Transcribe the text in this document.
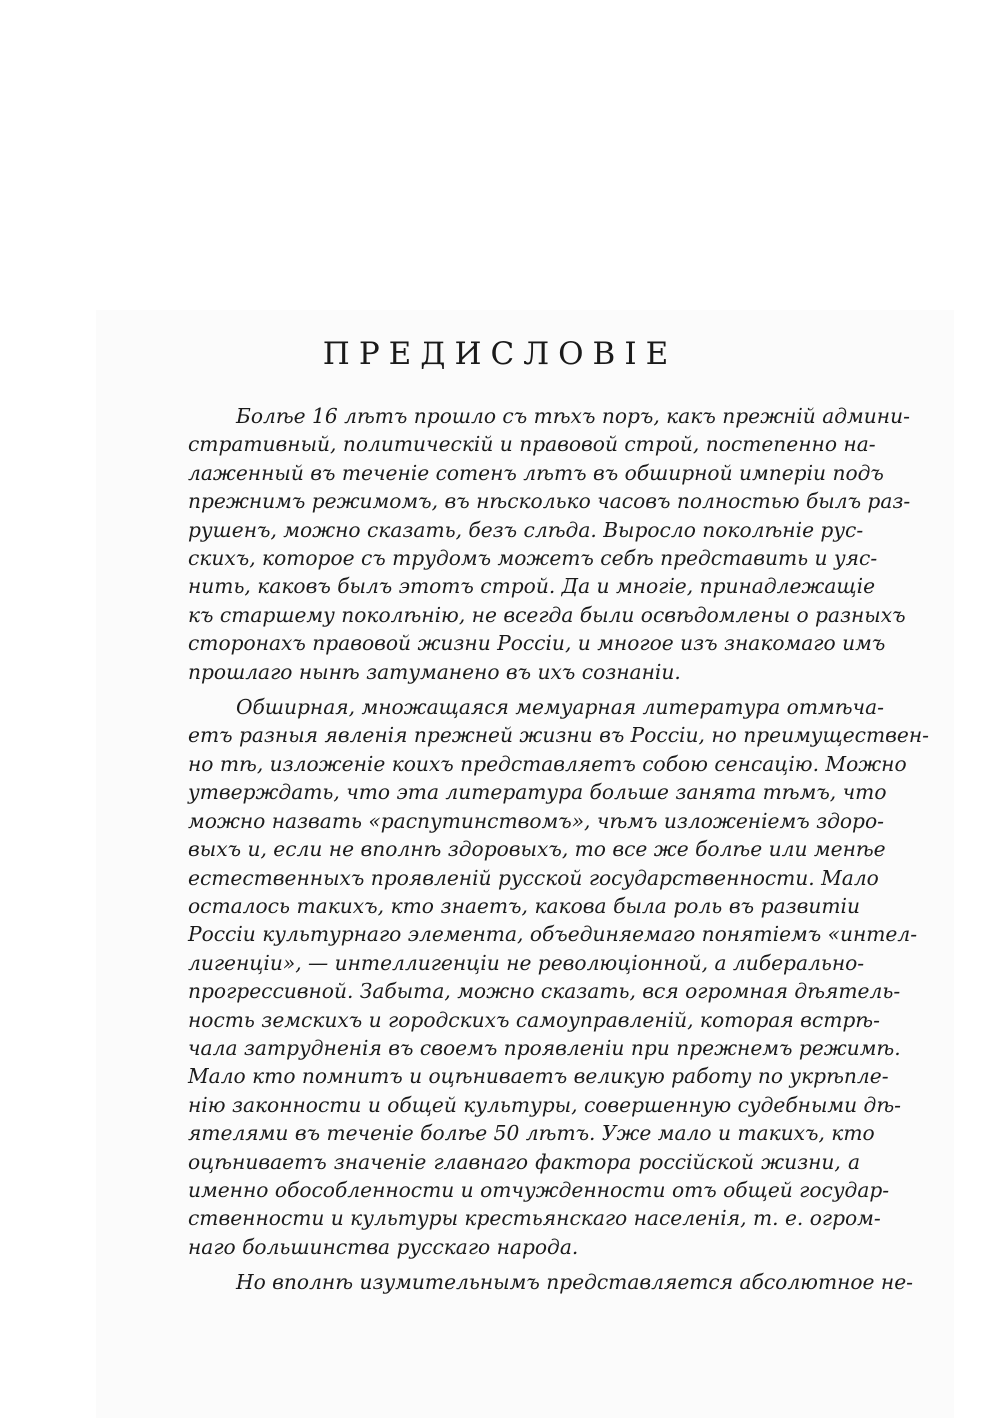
ПРЕДИСЛОВIЕ
Болѣе 16 лѣтъ прошло съ тѣхъ поръ, какъ прежнiй админи-
стративный, политическiй и правовой строй, постепенно на-
лаженный въ теченiе сотенъ лѣтъ въ обширной имперiи подъ
прежнимъ режимомъ, въ нѣсколько часовъ полностью былъ раз-
рушенъ, можно сказать, безъ слѣда. Выросло поколѣнiе рус-
скихъ, которое съ трудомъ можетъ себѣ представить и уяс-
нить, каковъ былъ этотъ строй. Да и многiе, принадлежащiе
къ старшему поколѣнiю, не всегда были освѣдомлены о разныхъ
сторонахъ правовой жизни Россiи, и многое изъ знакомаго имъ
прошлаго нынѣ затуманено въ ихъ сознанiи.
Обширная, множащаяся мемуарная литература отмѣча-
етъ разныя явленiя прежней жизни въ Россiи, но преимуществен-
но тѣ, изложенiе коихъ представляетъ собою сенсацiю. Можно
утверждать, что эта литература больше занята тѣмъ, что
можно назвать «распутинствомъ», чѣмъ изложенiемъ здоро-
выхъ и, если не вполнѣ здоровыхъ, то все же болѣе или менѣе
естественныхъ проявленiй русской государственности. Мало
осталось такихъ, кто знаетъ, какова была роль въ развитiи
Россiи культурнаго элемента, объединяемаго понятiемъ «интел-
лигенцiи», — интеллигенцiи не революцiонной, а либерально-
прогрессивной. Забыта, можно сказать, вся огромная дѣятель-
ность земскихъ и городскихъ самоуправленiй, которая встрѣ-
чала затрудненiя въ своемъ проявленiи при прежнемъ режимѣ.
Мало кто помнитъ и оцѣниваетъ великую работу по укрѣпле-
нiю законности и общей культуры, совершенную судебными дѣ-
ятелями въ теченiе болѣе 50 лѣтъ. Уже мало и такихъ, кто
оцѣниваетъ значенiе главнаго фактора россiйской жизни, а
именно обособленности и отчужденности отъ общей государ-
ственности и культуры крестьянскаго населенiя, т. е. огром-
наго большинства русскаго народа.
Но вполнѣ изумительнымъ представляется абсолютное не-
